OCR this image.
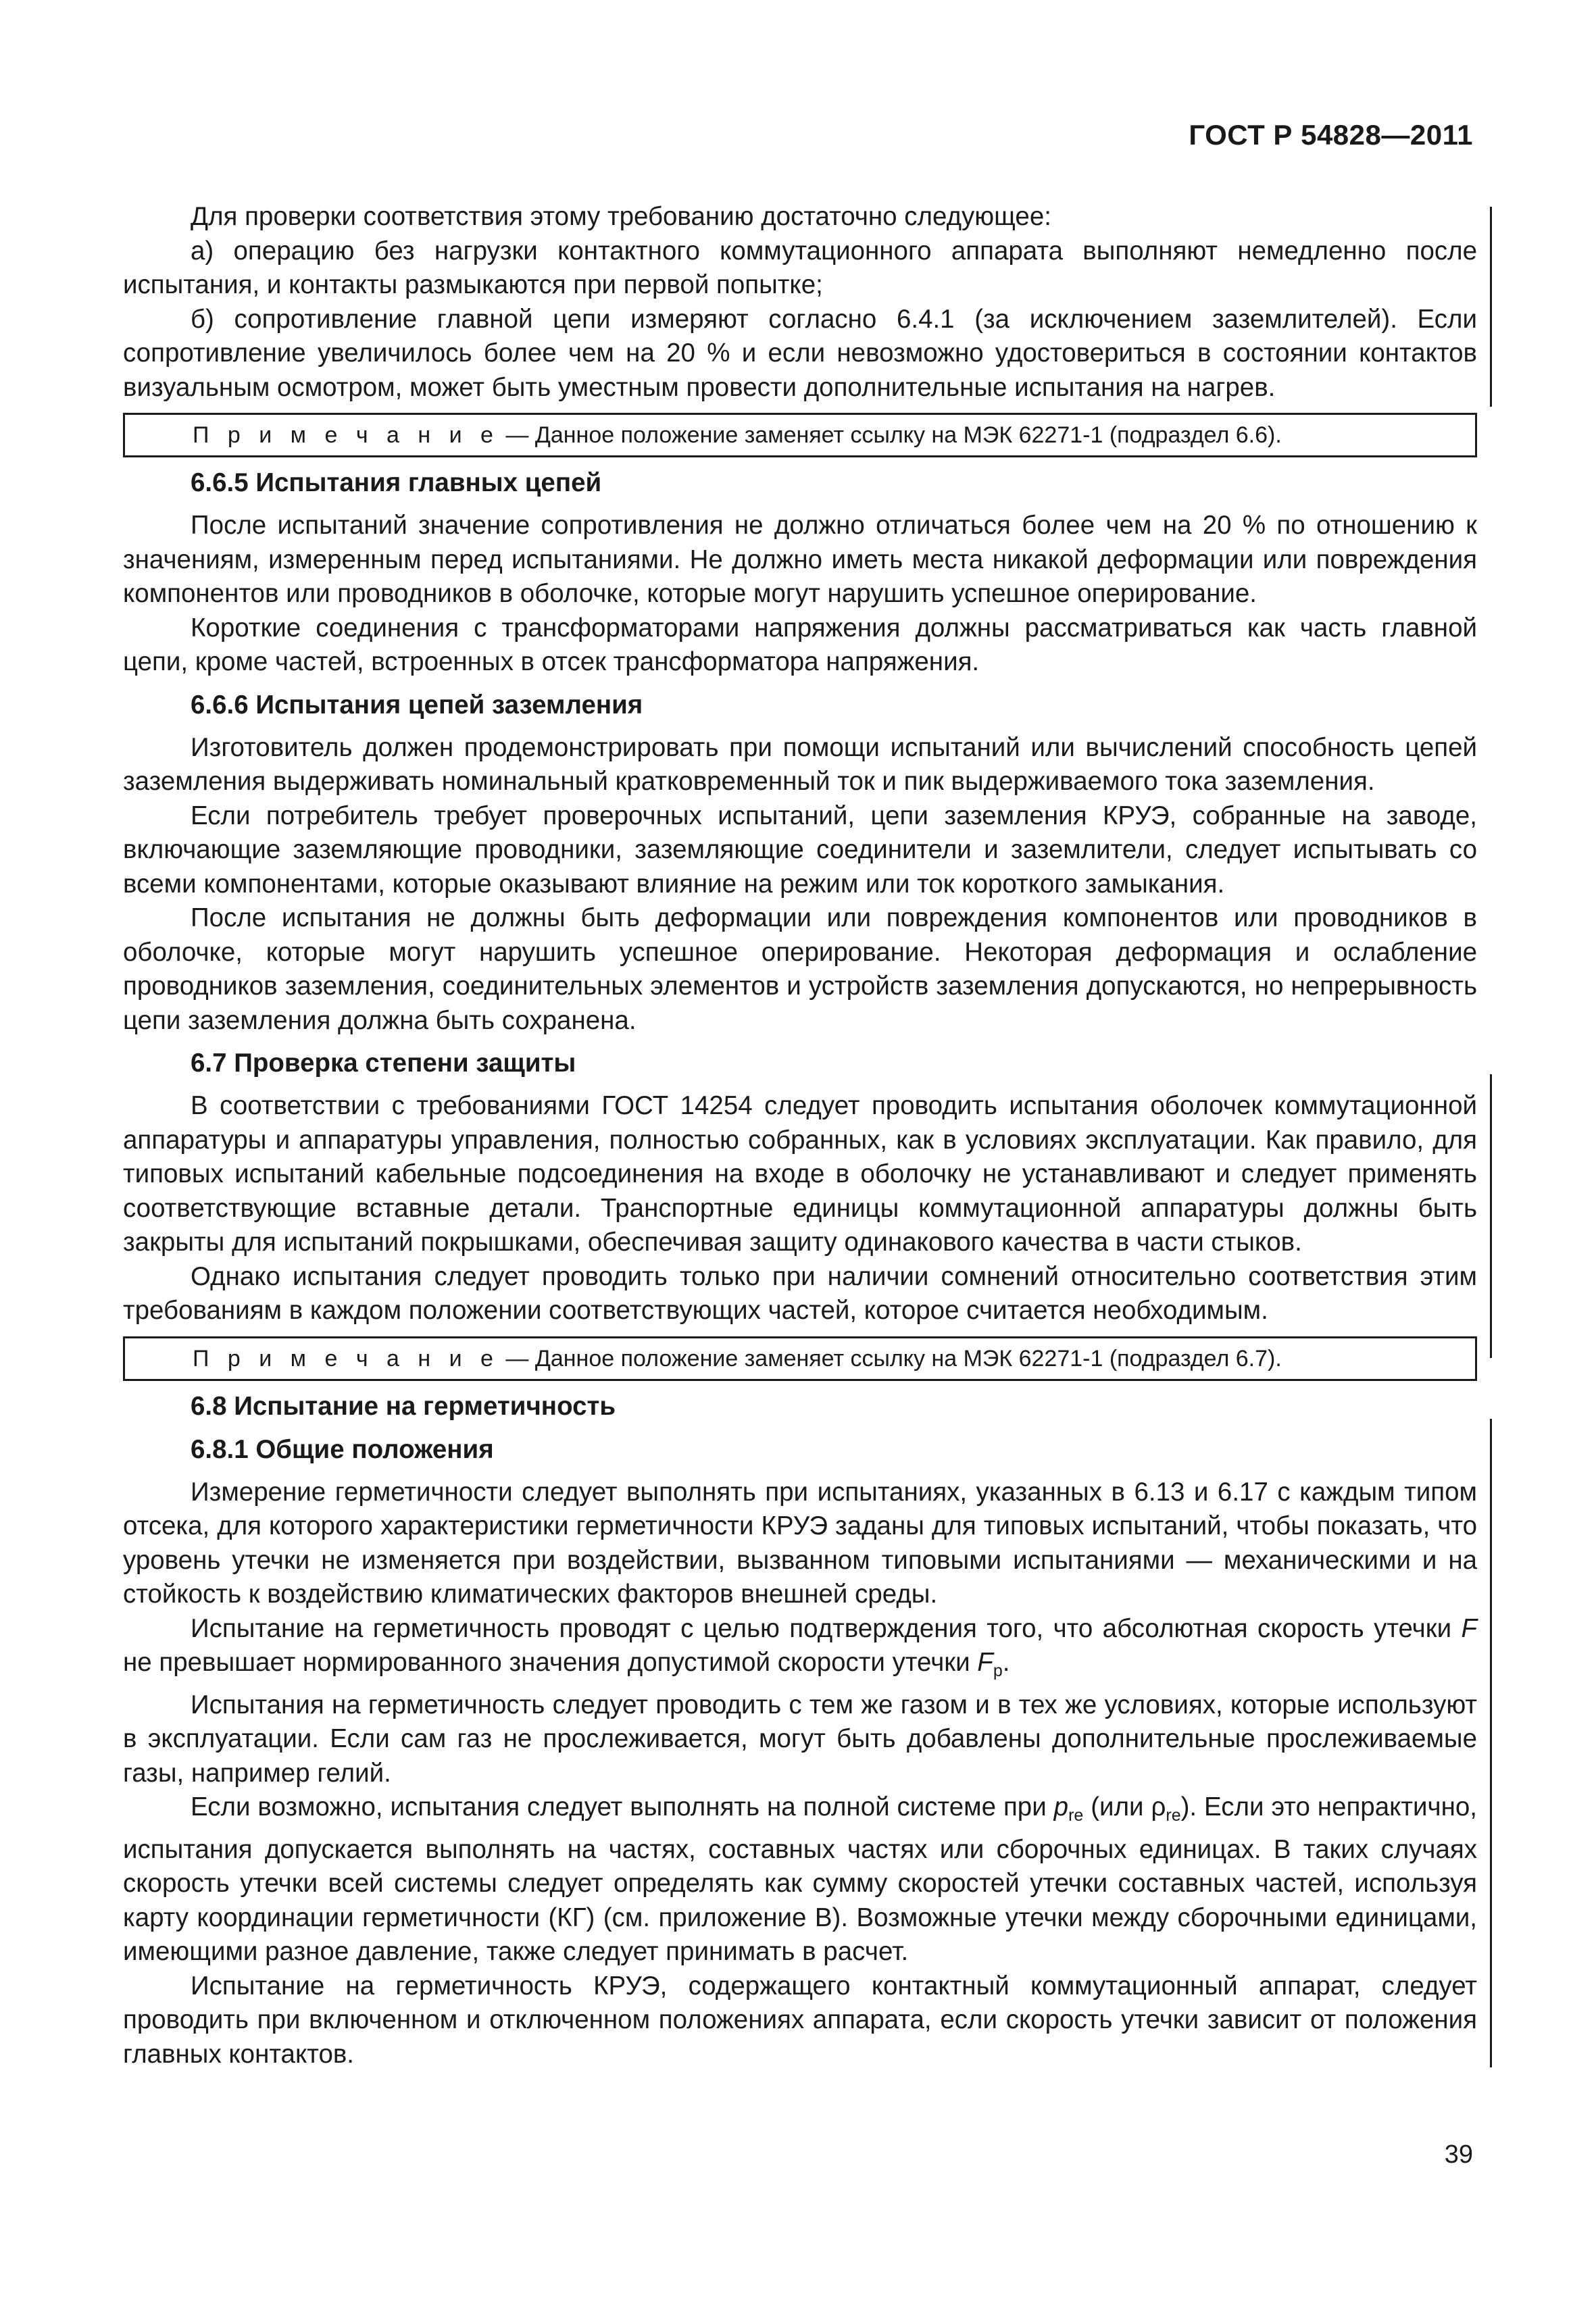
ГОСТ Р 54828—2011

Для проверки соответствия этому требованию достаточно следующее:

а) операцию без нагрузки контактного коммутационного аппарата выполняют немедленно после испытания, и контакты размыкаются при первой попытке;

б) сопротивление главной цепи измеряют согласно 6.4.1 (за исключением заземлителей). Если сопротивление увеличилось более чем на 20 % и если невозможно удостовериться в состоянии контактов визуальным осмотром, может быть уместным провести дополнительные испытания на нагрев.

П р и м е ч а н и е — Данное положение заменяет ссылку на МЭК 62271-1 (подраздел 6.6).
6.6.5 Испытания главных цепей

После испытаний значение сопротивления не должно отличаться более чем на 20 % по отношению к значениям, измеренным перед испытаниями. Не должно иметь места никакой деформации или повреждения компонентов или проводников в оболочке, которые могут нарушить успешное оперирование.

Короткие соединения с трансформаторами напряжения должны рассматриваться как часть главной цепи, кроме частей, встроенных в отсек трансформатора напряжения.

6.6.6 Испытания цепей заземления

Изготовитель должен продемонстрировать при помощи испытаний или вычислений способность цепей заземления выдерживать номинальный кратковременный ток и пик выдерживаемого тока заземления.

Если потребитель требует проверочных испытаний, цепи заземления КРУЭ, собранные на заводе, включающие заземляющие проводники, заземляющие соединители и заземлители, следует испытывать со всеми компонентами, которые оказывают влияние на режим или ток короткого замыкания.

После испытания не должны быть деформации или повреждения компонентов или проводников в оболочке, которые могут нарушить успешное оперирование. Некоторая деформация и ослабление проводников заземления, соединительных элементов и устройств заземления допускаются, но непрерывность цепи заземления должна быть сохранена.

6.7 Проверка степени защиты

В соответствии с требованиями ГОСТ 14254 следует проводить испытания оболочек коммутационной аппаратуры и аппаратуры управления, полностью собранных, как в условиях эксплуатации. Как правило, для типовых испытаний кабельные подсоединения на входе в оболочку не устанавливают и следует применять соответствующие вставные детали. Транспортные единицы коммутационной аппаратуры должны быть закрыты для испытаний покрышками, обеспечивая защиту одинакового качества в части стыков.

Однако испытания следует проводить только при наличии сомнений относительно соответствия этим требованиям в каждом положении соответствующих частей, которое считается необходимым.

П р и м е ч а н и е — Данное положение заменяет ссылку на МЭК 62271-1 (подраздел 6.7).
6.8 Испытание на герметичность
6.8.1 Общие положения

Измерение герметичности следует выполнять при испытаниях, указанных в 6.13 и 6.17 с каждым типом отсека, для которого характеристики герметичности КРУЭ заданы для типовых испытаний, чтобы показать, что уровень утечки не изменяется при воздействии, вызванном типовыми испытаниями — механическими и на стойкость к воздействию климатических факторов внешней среды.

Испытание на герметичность проводят с целью подтверждения того, что абсолютная скорость утечки F не превышает нормированного значения допустимой скорости утечки $F_p$.

Испытания на герметичность следует проводить с тем же газом и в тех же условиях, которые используют в эксплуатации. Если сам газ не прослеживается, могут быть добавлены дополнительные прослеживаемые газы, например гелий.

Если возможно, испытания следует выполнять на полной системе при $p_{re}$ (или $\rho_{re}$). Если это непрактично, испытания допускается выполнять на частях, составных частях или сборочных единицах. В таких случаях скорость утечки всей системы следует определять как сумму скоростей утечки составных частей, используя карту координации герметичности (КГ) (см. приложение В). Возможные утечки между сборочными единицами, имеющими разное давление, также следует принимать в расчет.

Испытание на герметичность КРУЭ, содержащего контактный коммутационный аппарат, следует проводить при включенном и отключенном положениях аппарата, если скорость утечки зависит от положения главных контактов.

39
